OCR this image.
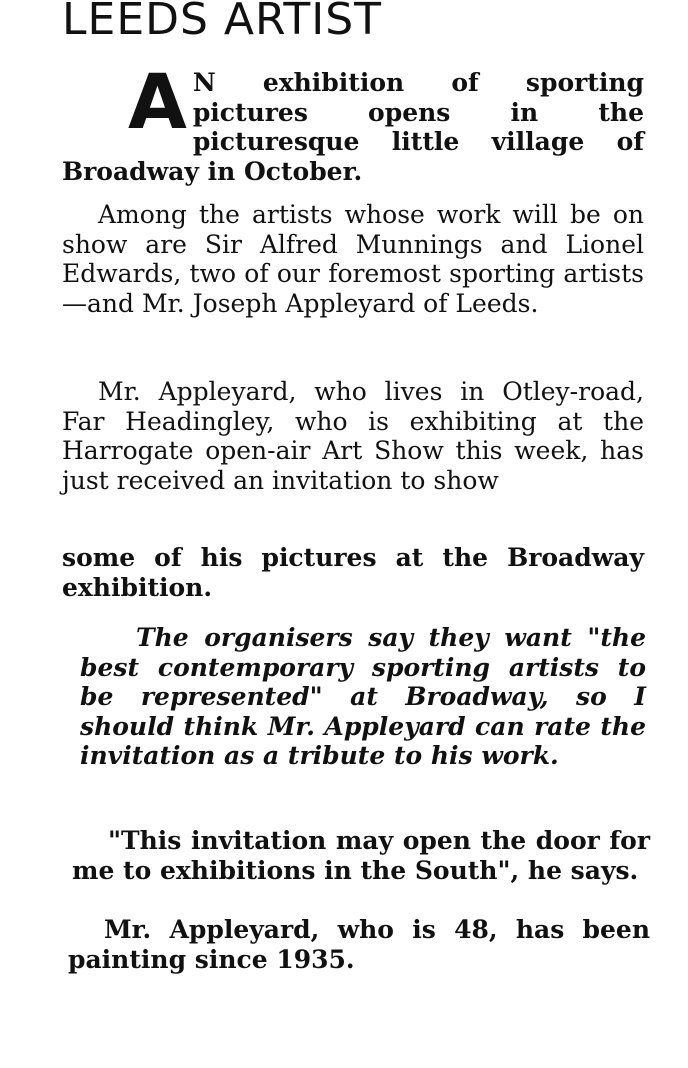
LEEDS ARTIST

A N exhibition of sporting pictures opens in the picturesque little village of Broadway in October.

Among the artists whose work will be on show are Sir Alfred Munnings and Lionel Edwards, two of our foremost sporting artists—and Mr. Joseph Appleyard of Leeds.

Mr. Appleyard, who lives in Otley-road, Far Headingley, who is exhibiting at the Harrogate open-air Art Show this week, has just received an invitation to show

some of his pictures at the Broadway exhibition.

The organisers say they want "the best contemporary sporting artists to be represented" at Broadway, so I should think Mr. Appleyard can rate the invitation as a tribute to his work.

"This invitation may open the door for me to exhibitions in the South", he says.

Mr. Appleyard, who is 48, has been painting since 1935.
